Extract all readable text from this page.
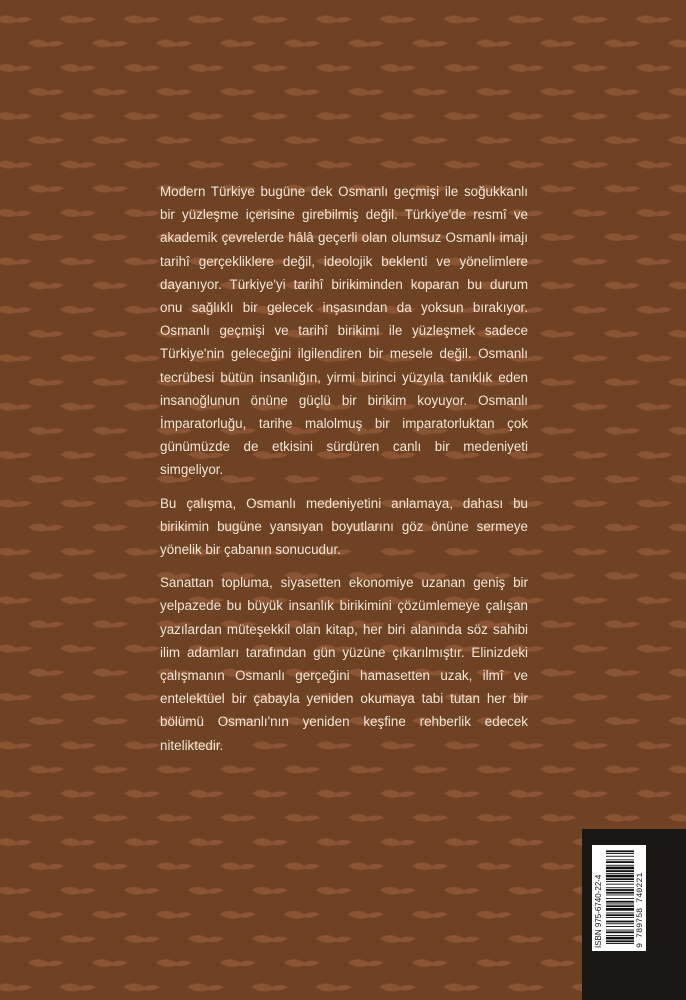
Modern Türkiye bugüne dek Osmanlı geçmişi ile soğukkanlı bir yüzleşme içerisine girebilmiş değil. Türkiye'de resmî ve akademik çevrelerde hâlâ geçerli olan olumsuz Osmanlı imajı tarihî gerçekliklere değil, ideolojik beklenti ve yönelimlere dayanıyor. Türkiye'yi tarihî birikiminden koparan bu durum onu sağlıklı bir gelecek inşasından da yoksun bırakıyor. Osmanlı geçmişi ve tarihî birikimi ile yüzleşmek sadece Türkiye'nin geleceğini ilgilendiren bir mesele değil. Osmanlı tecrübesi bütün insanlığın, yirmi birinci yüzyıla tanıklık eden insanoğlunun önüne güçlü bir birikim koyuyor. Osmanlı İmparatorluğu, tarihe malolmuş bir imparatorluktan çok günümüzde de etkisini sürdüren canlı bir medeniyeti simgeliyor.

Bu çalışma, Osmanlı medeniyetini anlamaya, dahası bu birikimin bugüne yansıyan boyutlarını göz önüne sermeye yönelik bir çabanın sonucudur.

Sanattan topluma, siyasetten ekonomiye uzanan geniş bir yelpazede bu büyük insanlık birikimini çözümlemeye çalışan yazılardan müteşekkil olan kitap, her biri alanında söz sahibi ilim adamları tarafından gün yüzüne çıkarılmıştır. Elinizdeki çalışmanın Osmanlı gerçeğini hamasetten uzak, ilmî ve entelektüel bir çabayla yeniden okumaya tabi tutan her bir bölümü Osmanlı'nın yeniden keşfine rehberlik edecek niteliktedir.

ISBN 975-6740-22-4	9 789758 740221
